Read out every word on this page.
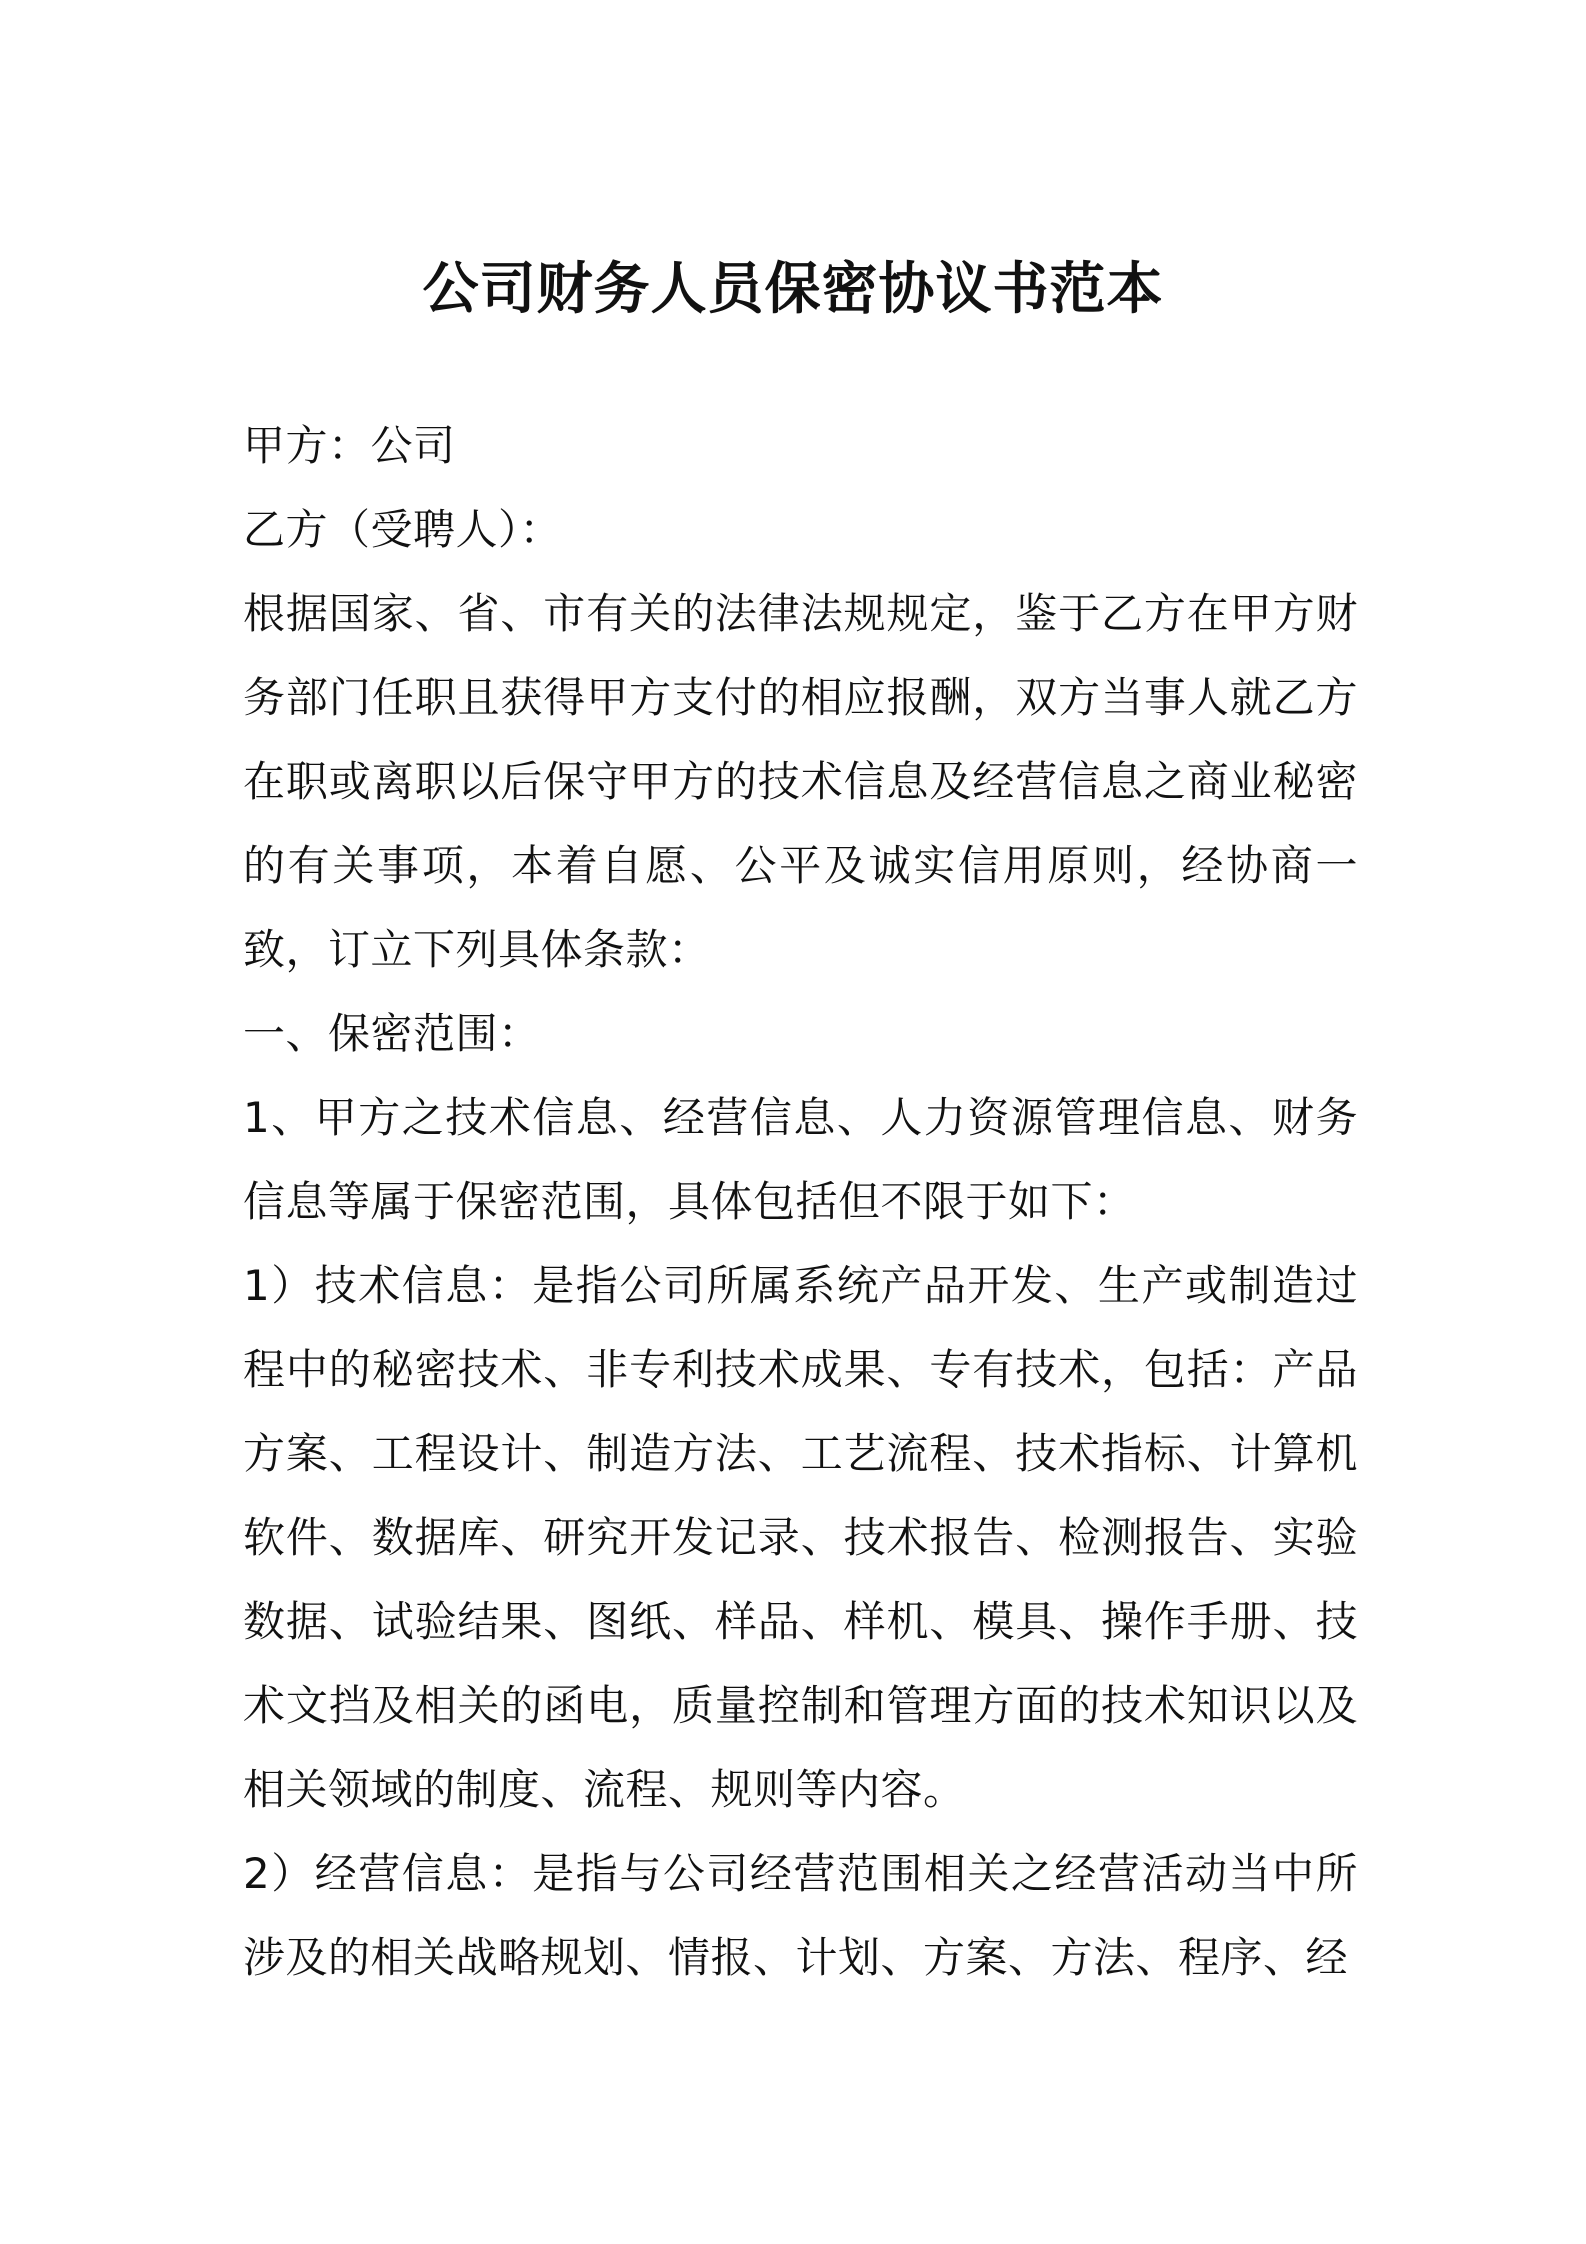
公司财务人员保密协议书范本

甲方：公司

乙方（受聘人）：

根据国家、省、市有关的法律法规规定，鉴于乙方在甲方财务部门任职且获得甲方支付的相应报酬，双方当事人就乙方在职或离职以后保守甲方的技术信息及经营信息之商业秘密的有关事项，本着自愿、公平及诚实信用原则，经协商一致，订立下列具体条款：

一、保密范围：

1、甲方之技术信息、经营信息、人力资源管理信息、财务信息等属于保密范围，具体包括但不限于如下：

1）技术信息：是指公司所属系统产品开发、生产或制造过程中的秘密技术、非专利技术成果、专有技术，包括：产品方案、工程设计、制造方法、工艺流程、技术指标、计算机软件、数据库、研究开发记录、技术报告、检测报告、实验数据、试验结果、图纸、样品、样机、模具、操作手册、技术文挡及相关的函电，质量控制和管理方面的技术知识以及相关领域的制度、流程、规则等内容。

2）经营信息：是指与公司经营范围相关之经营活动当中所涉及的相关战略规划、情报、计划、方案、方法、程序、经
